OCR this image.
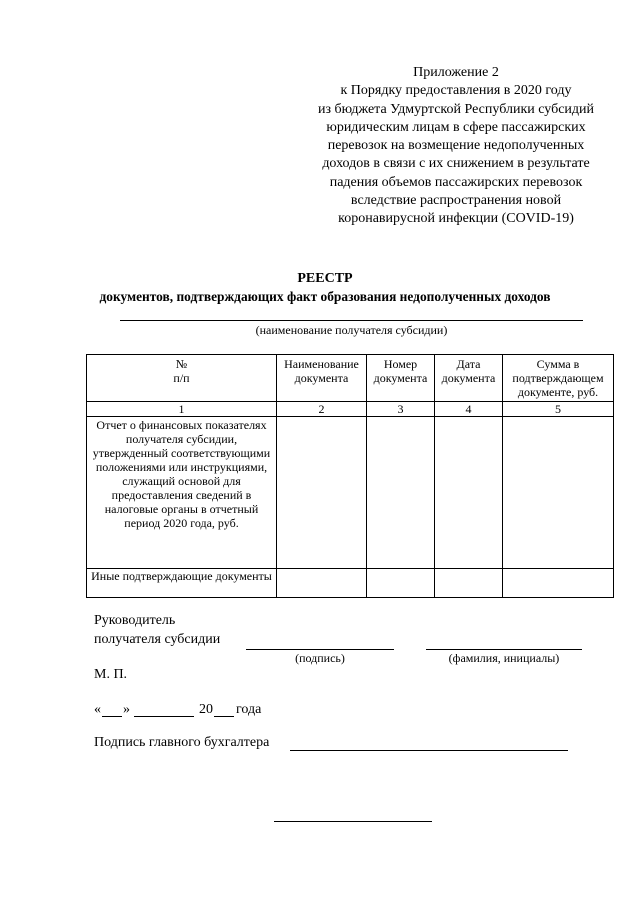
Приложение 2
к Порядку предоставления в 2020 году
из бюджета Удмуртской Республики субсидий
юридическим лицам в сфере пассажирских
перевозок на возмещение недополученных
доходов в связи с их снижением в результате
падения объемов пассажирских перевозок
вследствие распространения новой
коронавирусной инфекции (COVID-19)
РЕЕСТР
документов, подтверждающих факт образования недополученных доходов
(наименование получателя субсидии)
№
п/п	Наименование документа	Номер документа	Дата документа	Сумма в подтверждающем документе, руб.
1	2	3	4	5
Отчет о финансовых показателях получателя субсидии, утвержденный соответствующими положениями или инструкциями, служащий основой для предоставления сведений в налоговые органы в отчетный период 2020 года, руб.				
Иные подтверждающие документы				
Руководитель
получателя субсидии
(подпись)	(фамилия, инициалы)
М. П.
« »	20 года
Подпись главного бухгалтера
